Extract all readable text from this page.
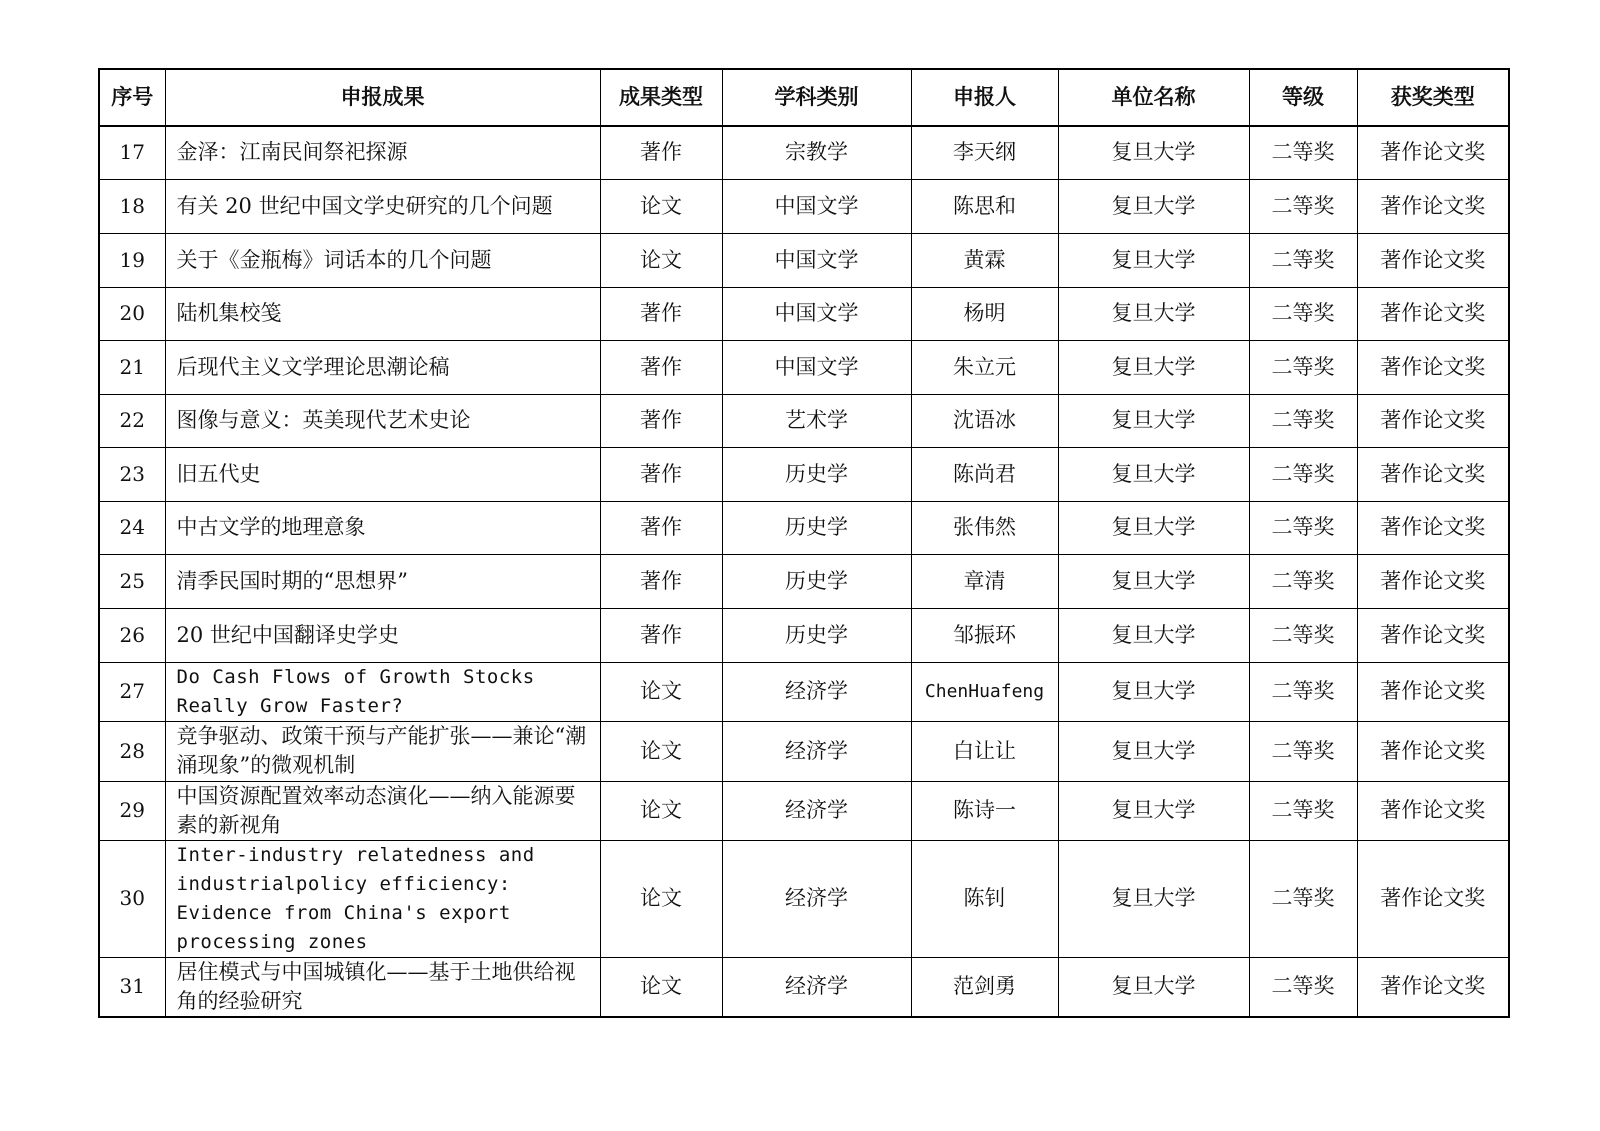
序号	申报成果	成果类型	学科类别	申报人	单位名称	等级	获奖类型
17	金泽：江南民间祭祀探源	著作	宗教学	李天纲	复旦大学	二等奖	著作论文奖
18	有关 20 世纪中国文学史研究的几个问题	论文	中国文学	陈思和	复旦大学	二等奖	著作论文奖
19	关于《金瓶梅》词话本的几个问题	论文	中国文学	黄霖	复旦大学	二等奖	著作论文奖
20	陆机集校笺	著作	中国文学	杨明	复旦大学	二等奖	著作论文奖
21	后现代主义文学理论思潮论稿	著作	中国文学	朱立元	复旦大学	二等奖	著作论文奖
22	图像与意义：英美现代艺术史论	著作	艺术学	沈语冰	复旦大学	二等奖	著作论文奖
23	旧五代史	著作	历史学	陈尚君	复旦大学	二等奖	著作论文奖
24	中古文学的地理意象	著作	历史学	张伟然	复旦大学	二等奖	著作论文奖
25	清季民国时期的“思想界”	著作	历史学	章清	复旦大学	二等奖	著作论文奖
26	20 世纪中国翻译史学史	著作	历史学	邹振环	复旦大学	二等奖	著作论文奖
27	Do Cash Flows of Growth Stocks Really Grow Faster?	论文	经济学	ChenHuafeng	复旦大学	二等奖	著作论文奖
28	竞争驱动、政策干预与产能扩张——兼论“潮涌现象”的微观机制	论文	经济学	白让让	复旦大学	二等奖	著作论文奖
29	中国资源配置效率动态演化——纳入能源要素的新视角	论文	经济学	陈诗一	复旦大学	二等奖	著作论文奖
30	Inter-industry relatedness and industrialpolicy efficiency: Evidence from China's export processing zones	论文	经济学	陈钊	复旦大学	二等奖	著作论文奖
31	居住模式与中国城镇化——基于土地供给视角的经验研究	论文	经济学	范剑勇	复旦大学	二等奖	著作论文奖
